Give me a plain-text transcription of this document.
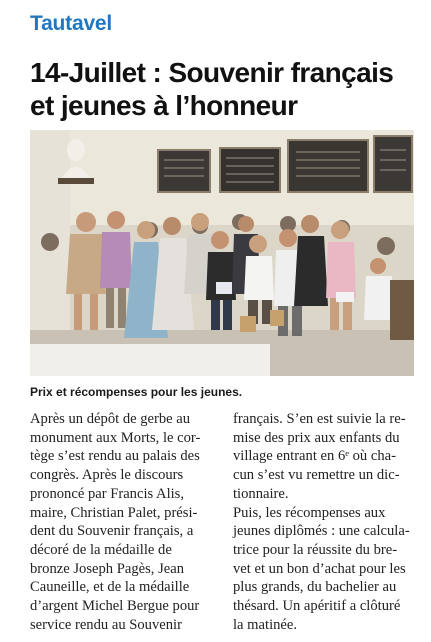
Tautavel
14-Juillet : Souvenir français
et jeunes à l’honneur
Prix et récompenses pour les jeunes.
Après un dépôt de gerbe au
monument aux Morts, le cor-
tège s’est rendu au palais des
congrès. Après le discours
prononcé par Francis Alis,
maire, Christian Palet, prési-
dent du Souvenir français, a
décoré de la médaille de
bronze Joseph Pagès, Jean
Cauneille, et de la médaille
d’argent Michel Bergue pour
service rendu au Souvenir
français. S’en est suivie la re-
mise des prix aux enfants du
village entrant en 6ᵉ où cha-
cun s’est vu remettre un dic-
tionnaire.
Puis, les récompenses aux
jeunes diplômés : une calcula-
trice pour la réussite du bre-
vet et un bon d’achat pour les
plus grands, du bachelier au
thésard. Un apéritif a clôturé
la matinée.
